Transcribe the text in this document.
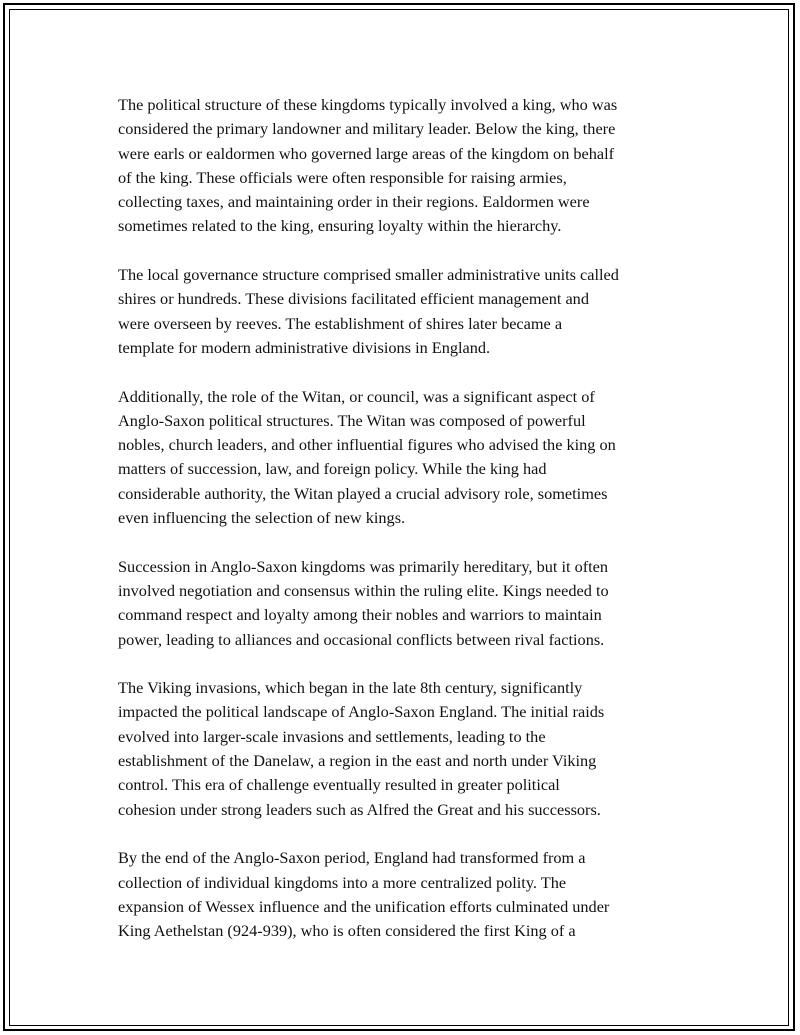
The political structure of these kingdoms typically involved a king, who was
considered the primary landowner and military leader. Below the king, there
were earls or ealdormen who governed large areas of the kingdom on behalf
of the king. These officials were often responsible for raising armies,
collecting taxes, and maintaining order in their regions. Ealdormen were
sometimes related to the king, ensuring loyalty within the hierarchy.

The local governance structure comprised smaller administrative units called
shires or hundreds. These divisions facilitated efficient management and
were overseen by reeves. The establishment of shires later became a
template for modern administrative divisions in England.

Additionally, the role of the Witan, or council, was a significant aspect of
Anglo-Saxon political structures. The Witan was composed of powerful
nobles, church leaders, and other influential figures who advised the king on
matters of succession, law, and foreign policy. While the king had
considerable authority, the Witan played a crucial advisory role, sometimes
even influencing the selection of new kings.

Succession in Anglo-Saxon kingdoms was primarily hereditary, but it often
involved negotiation and consensus within the ruling elite. Kings needed to
command respect and loyalty among their nobles and warriors to maintain
power, leading to alliances and occasional conflicts between rival factions.

The Viking invasions, which began in the late 8th century, significantly
impacted the political landscape of Anglo-Saxon England. The initial raids
evolved into larger-scale invasions and settlements, leading to the
establishment of the Danelaw, a region in the east and north under Viking
control. This era of challenge eventually resulted in greater political
cohesion under strong leaders such as Alfred the Great and his successors.

By the end of the Anglo-Saxon period, England had transformed from a
collection of individual kingdoms into a more centralized polity. The
expansion of Wessex influence and the unification efforts culminated under
King Aethelstan (924-939), who is often considered the first King of a
